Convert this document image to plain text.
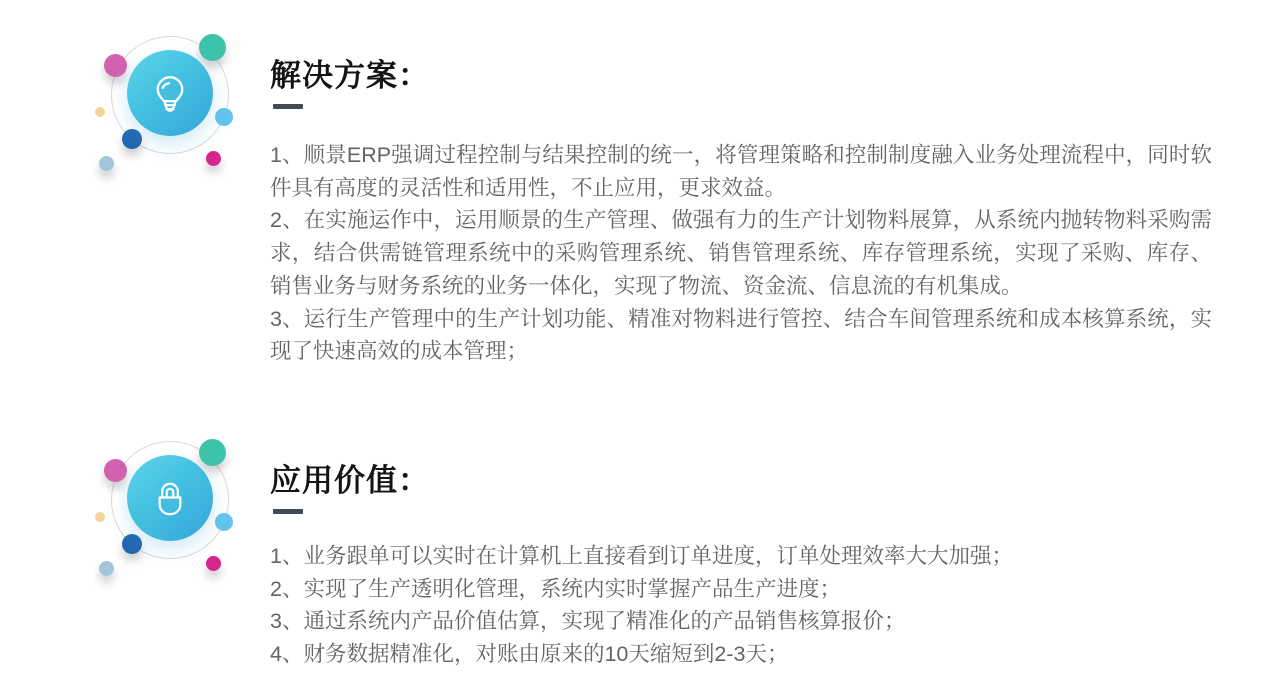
解决方案：

1、顺景ERP强调过程控制与结果控制的统一，将管理策略和控制制度融入业务处理流程中，同时软件具有高度的灵活性和适用性，不止应用，更求效益。

2、在实施运作中，运用顺景的生产管理、做强有力的生产计划物料展算，从系统内抛转物料采购需求，结合供需链管理系统中的采购管理系统、销售管理系统、库存管理系统，实现了采购、库存、销售业务与财务系统的业务一体化，实现了物流、资金流、信息流的有机集成。

3、运行生产管理中的生产计划功能、精准对物料进行管控、结合车间管理系统和成本核算系统，实现了快速高效的成本管理；

应用价值：

1、业务跟单可以实时在计算机上直接看到订单进度，订单处理效率大大加强；

2、实现了生产透明化管理，系统内实时掌握产品生产进度；

3、通过系统内产品价值估算，实现了精准化的产品销售核算报价；

4、财务数据精准化，对账由原来的10天缩短到2-3天；
